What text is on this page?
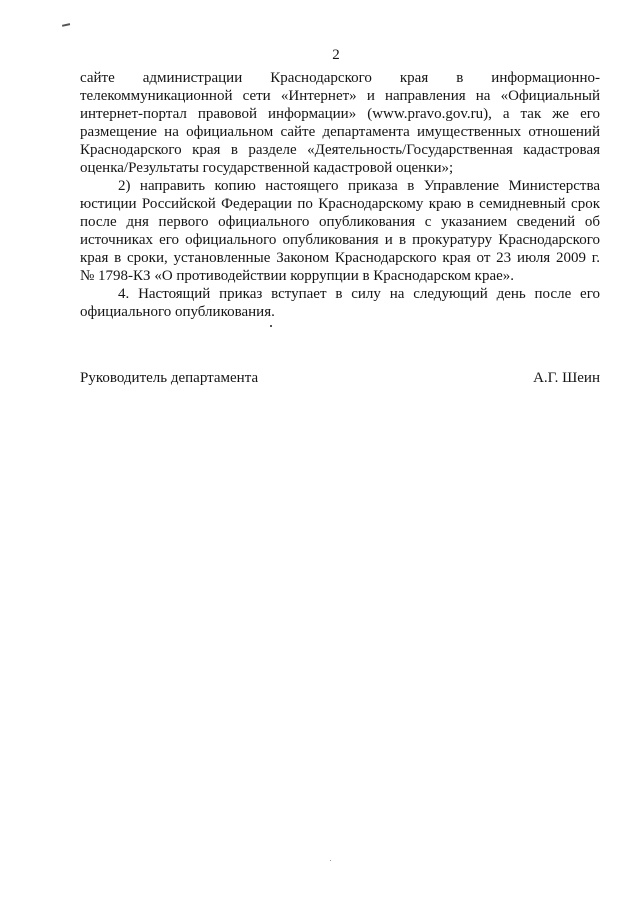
2
сайте администрации Краснодарского края в информационно-
телекоммуникационной сети «Интернет» и направления на «Официальный
интернет-портал правовой информации» (www.pravo.gov.ru), а так же его
размещение на официальном сайте департамента имущественных отношений
Краснодарского края в разделе «Деятельность/Государственная кадастровая
оценка/Результаты государственной кадастровой оценки»;
2) направить копию настоящего приказа в Управление Министерства
юстиции Российской Федерации по Краснодарскому краю в семидневный срок
после дня первого официального опубликования с указанием сведений об
источниках его официального опубликования и в прокуратуру Краснодарского
края в сроки, установленные Законом Краснодарского края от 23 июля 2009 г.
№ 1798-КЗ «О противодействии коррупции в Краснодарском крае».
4. Настоящий приказ вступает в силу на следующий день после его
официального опубликования.
Руководитель департамента	А.Г. Шеин
